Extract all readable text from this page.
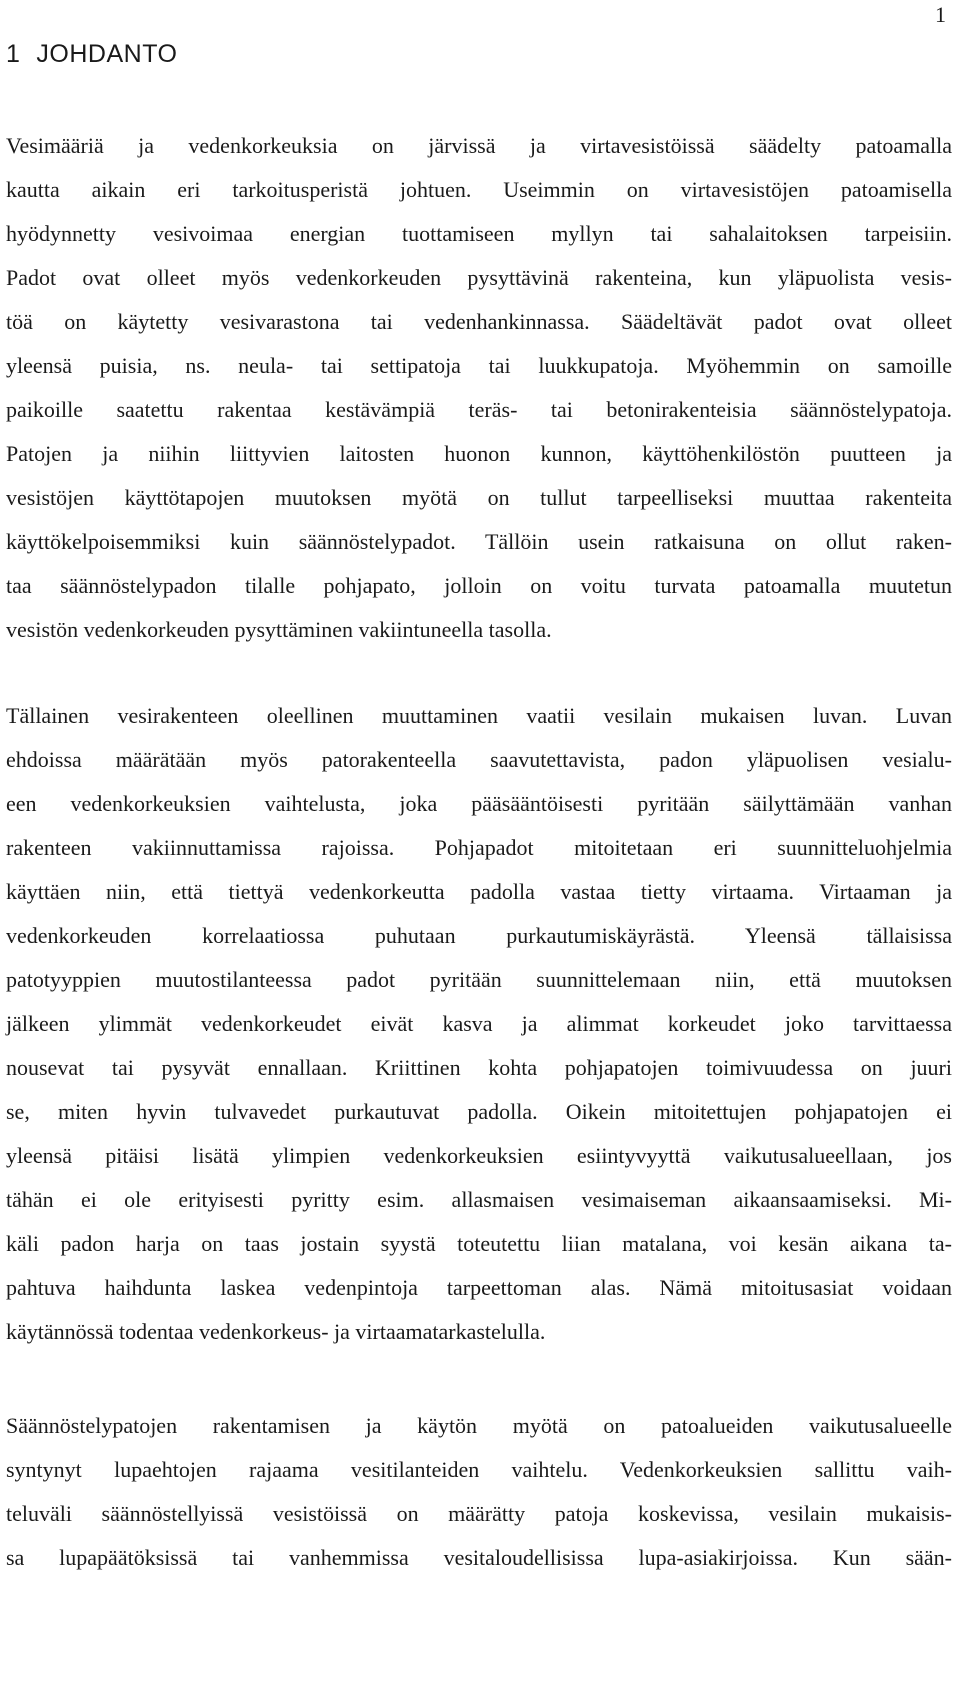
1
1 JOHDANTO
Vesimääriä ja vedenkorkeuksia on järvissä ja virtavesistöissä säädelty patoamalla
kautta aikain eri tarkoitusperistä johtuen. Useimmin on virtavesistöjen patoamisella
hyödynnetty vesivoimaa energian tuottamiseen myllyn tai sahalaitoksen tarpeisiin.
Padot ovat olleet myös vedenkorkeuden pysyttävinä rakenteina, kun yläpuolista vesis-
töä on käytetty vesivarastona tai vedenhankinnassa. Säädeltävät padot ovat olleet
yleensä puisia, ns. neula- tai settipatoja tai luukkupatoja. Myöhemmin on samoille
paikoille saatettu rakentaa kestävämpiä teräs- tai betonirakenteisia säännöstelypatoja.
Patojen ja niihin liittyvien laitosten huonon kunnon, käyttöhenkilöstön puutteen ja
vesistöjen käyttötapojen muutoksen myötä on tullut tarpeelliseksi muuttaa rakenteita
käyttökelpoisemmiksi kuin säännöstelypadot. Tällöin usein ratkaisuna on ollut raken-
taa säännöstelypadon tilalle pohjapato, jolloin on voitu turvata patoamalla muutetun
vesistön vedenkorkeuden pysyttäminen vakiintuneella tasolla.
Tällainen vesirakenteen oleellinen muuttaminen vaatii vesilain mukaisen luvan. Luvan
ehdoissa määrätään myös patorakenteella saavutettavista, padon yläpuolisen vesialu-
een vedenkorkeuksien vaihtelusta, joka pääsääntöisesti pyritään säilyttämään vanhan
rakenteen vakiinnuttamissa rajoissa. Pohjapadot mitoitetaan eri suunnitteluohjelmia
käyttäen niin, että tiettyä vedenkorkeutta padolla vastaa tietty virtaama. Virtaaman ja
vedenkorkeuden korrelaatiossa puhutaan purkautumiskäyrästä. Yleensä tällaisissa
patotyyppien muutostilanteessa padot pyritään suunnittelemaan niin, että muutoksen
jälkeen ylimmät vedenkorkeudet eivät kasva ja alimmat korkeudet joko tarvittaessa
nousevat tai pysyvät ennallaan. Kriittinen kohta pohjapatojen toimivuudessa on juuri
se, miten hyvin tulvavedet purkautuvat padolla. Oikein mitoitettujen pohjapatojen ei
yleensä pitäisi lisätä ylimpien vedenkorkeuksien esiintyvyyttä vaikutusalueellaan, jos
tähän ei ole erityisesti pyritty esim. allasmaisen vesimaiseman aikaansaamiseksi. Mi-
käli padon harja on taas jostain syystä toteutettu liian matalana, voi kesän aikana ta-
pahtuva haihdunta laskea vedenpintoja tarpeettoman alas. Nämä mitoitusasiat voidaan
käytännössä todentaa vedenkorkeus- ja virtaamatarkastelulla.
Säännöstelypatojen rakentamisen ja käytön myötä on patoalueiden vaikutusalueelle
syntynyt lupaehtojen rajaama vesitilanteiden vaihtelu. Vedenkorkeuksien sallittu vaih-
teluväli säännöstellyissä vesistöissä on määrätty patoja koskevissa, vesilain mukaisis-
sa lupapäätöksissä tai vanhemmissa vesitaloudellisissa lupa-asiakirjoissa. Kun sään-
